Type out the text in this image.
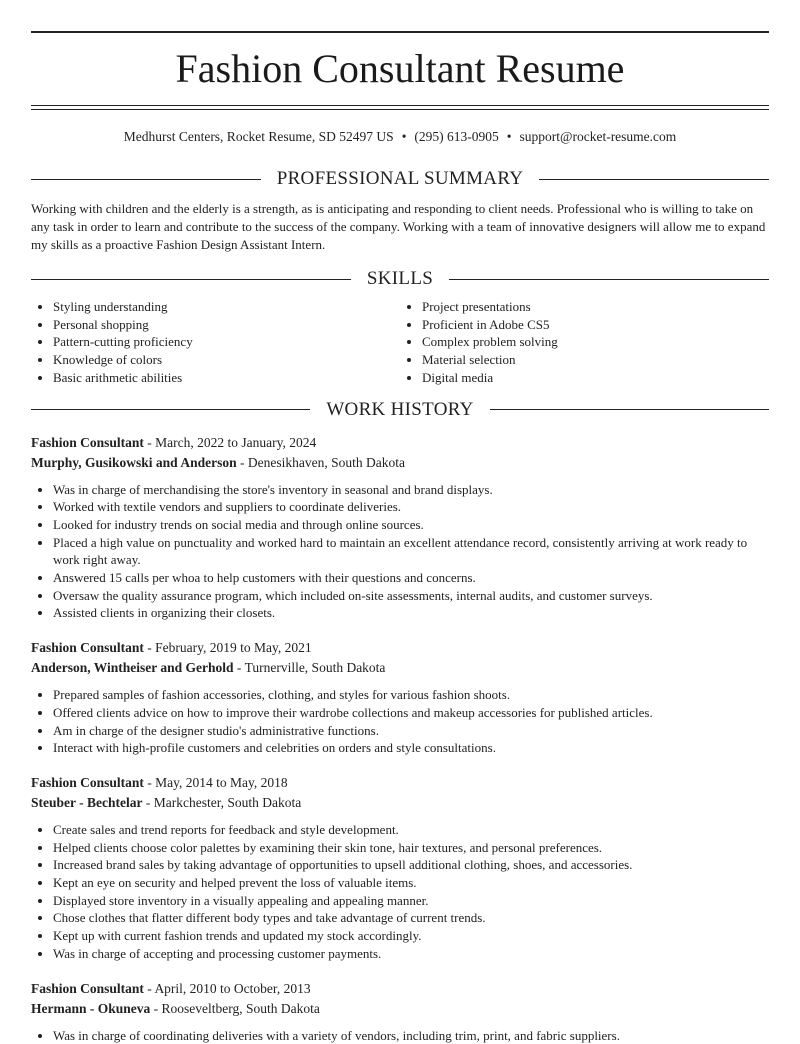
Fashion Consultant Resume
Medhurst Centers, Rocket Resume, SD 52497 US • (295) 613-0905 • support@rocket-resume.com
PROFESSIONAL SUMMARY
Working with children and the elderly is a strength, as is anticipating and responding to client needs. Professional who is willing to take on any task in order to learn and contribute to the success of the company. Working with a team of innovative designers will allow me to expand my skills as a proactive Fashion Design Assistant Intern.
SKILLS
• Styling understanding
• Personal shopping
• Pattern-cutting proficiency
• Knowledge of colors
• Basic arithmetic abilities
• Project presentations
• Proficient in Adobe CS5
• Complex problem solving
• Material selection
• Digital media
WORK HISTORY
Fashion Consultant - March, 2022 to January, 2024
Murphy, Gusikowski and Anderson - Denesikhaven, South Dakota
• Was in charge of merchandising the store's inventory in seasonal and brand displays.
• Worked with textile vendors and suppliers to coordinate deliveries.
• Looked for industry trends on social media and through online sources.
• Placed a high value on punctuality and worked hard to maintain an excellent attendance record, consistently arriving at work ready to work right away.
• Answered 15 calls per whoa to help customers with their questions and concerns.
• Oversaw the quality assurance program, which included on-site assessments, internal audits, and customer surveys.
• Assisted clients in organizing their closets.
Fashion Consultant - February, 2019 to May, 2021
Anderson, Wintheiser and Gerhold - Turnerville, South Dakota
• Prepared samples of fashion accessories, clothing, and styles for various fashion shoots.
• Offered clients advice on how to improve their wardrobe collections and makeup accessories for published articles.
• Am in charge of the designer studio's administrative functions.
• Interact with high-profile customers and celebrities on orders and style consultations.
Fashion Consultant - May, 2014 to May, 2018
Steuber - Bechtelar - Markchester, South Dakota
• Create sales and trend reports for feedback and style development.
• Helped clients choose color palettes by examining their skin tone, hair textures, and personal preferences.
• Increased brand sales by taking advantage of opportunities to upsell additional clothing, shoes, and accessories.
• Kept an eye on security and helped prevent the loss of valuable items.
• Displayed store inventory in a visually appealing and appealing manner.
• Chose clothes that flatter different body types and take advantage of current trends.
• Kept up with current fashion trends and updated my stock accordingly.
• Was in charge of accepting and processing customer payments.
Fashion Consultant - April, 2010 to October, 2013
Hermann - Okuneva - Rooseveltberg, South Dakota
• Was in charge of coordinating deliveries with a variety of vendors, including trim, print, and fabric suppliers.
